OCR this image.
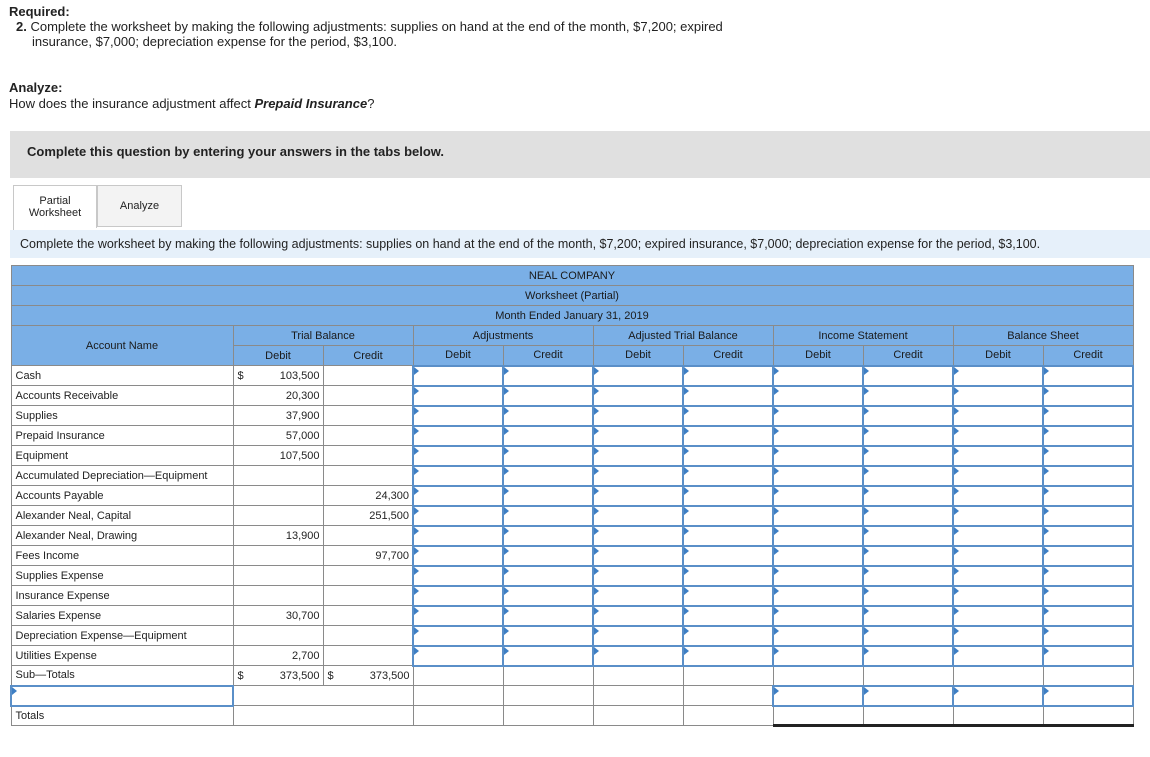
Required:
2. Complete the worksheet by making the following adjustments: supplies on hand at the end of the month, $7,200; expired
insurance, $7,000; depreciation expense for the period, $3,100.
Analyze:
How does the insurance adjustment affect Prepaid Insurance?
Complete this question by entering your answers in the tabs below.
Partial
Worksheet
Analyze
Complete the worksheet by making the following adjustments: supplies on hand at the end of the month, $7,200; expired insurance, $7,000; depreciation expense for the period, $3,100.
NEAL COMPANY												
Worksheet (Partial)												
Month Ended January 31, 2019												
Account Name	Trial Balance				Adjustments		Adjusted Trial Balance		Income Statement		Balance Sheet	
	Debit		Credit		Debit	Credit	Debit	Credit	Debit	Credit	Debit	Credit
Cash	$	103,500										
Accounts Receivable		20,300										
Supplies		37,900										
Prepaid Insurance		57,000										
Equipment		107,500										
Accumulated Depreciation—Equipment												
Accounts Payable				24,300								
Alexander Neal, Capital				251,500								
Alexander Neal, Drawing		13,900										
Fees Income				97,700								
Supplies Expense												
Insurance Expense												
Salaries Expense		30,700										
Depreciation Expense—Equipment												
Utilities Expense		2,700										
Sub—Totals	$	373,500	$	373,500								

Totals												
